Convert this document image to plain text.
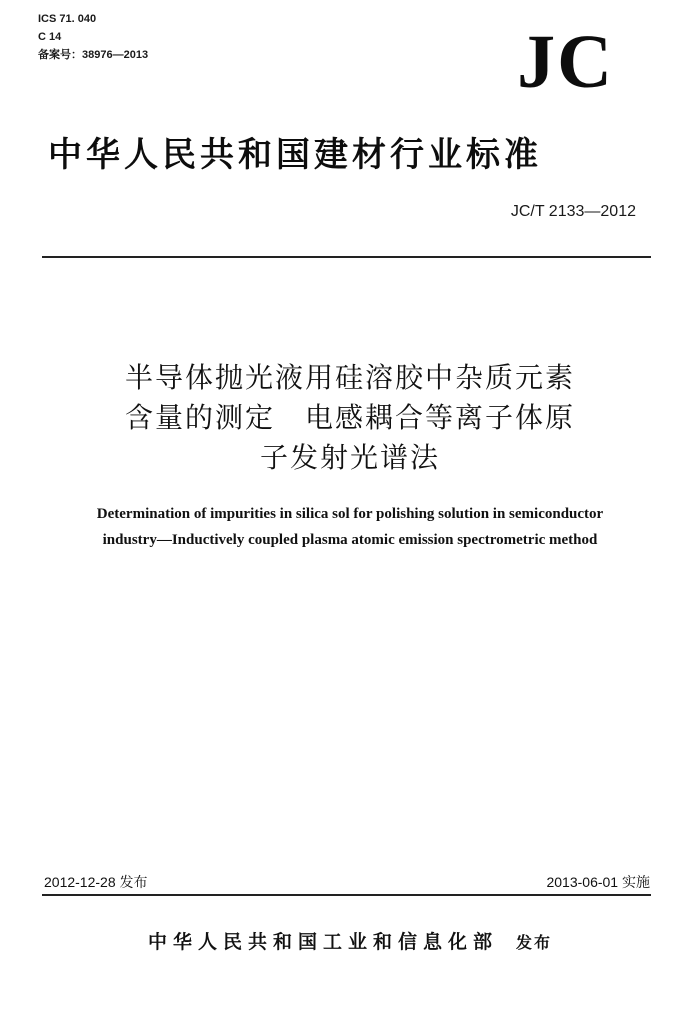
ICS 71. 040
C 14
备案号：38976—2013	JC
中华人民共和国建材行业标准
JC/T 2133—2012
半导体抛光液用硅溶胶中杂质元素
含量的测定　电感耦合等离子体原
子发射光谱法
Determination of impurities in silica sol for polishing solution in semiconductor
industry—Inductively coupled plasma atomic emission spectrometric method
2012-12-28 发布	2013-06-01 实施
中华人民共和国工业和信息化部 发布
